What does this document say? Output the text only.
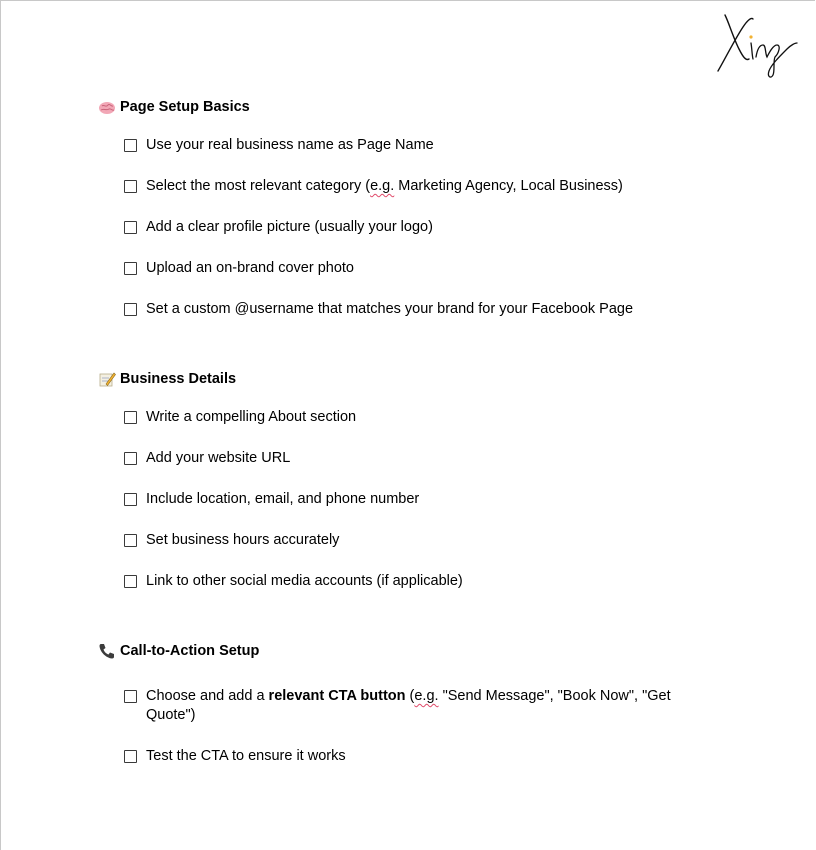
Page Setup Basics
Use your real business name as Page Name
Select the most relevant category (e.g. Marketing Agency, Local Business)
Add a clear profile picture (usually your logo)
Upload an on-brand cover photo
Set a custom @username that matches your brand for your Facebook Page
Business Details
Write a compelling About section
Add your website URL
Include location, email, and phone number
Set business hours accurately
Link to other social media accounts (if applicable)
Call-to-Action Setup
Choose and add a relevant CTA button (e.g. "Send Message", "Book Now", "Get Quote")
Test the CTA to ensure it works
